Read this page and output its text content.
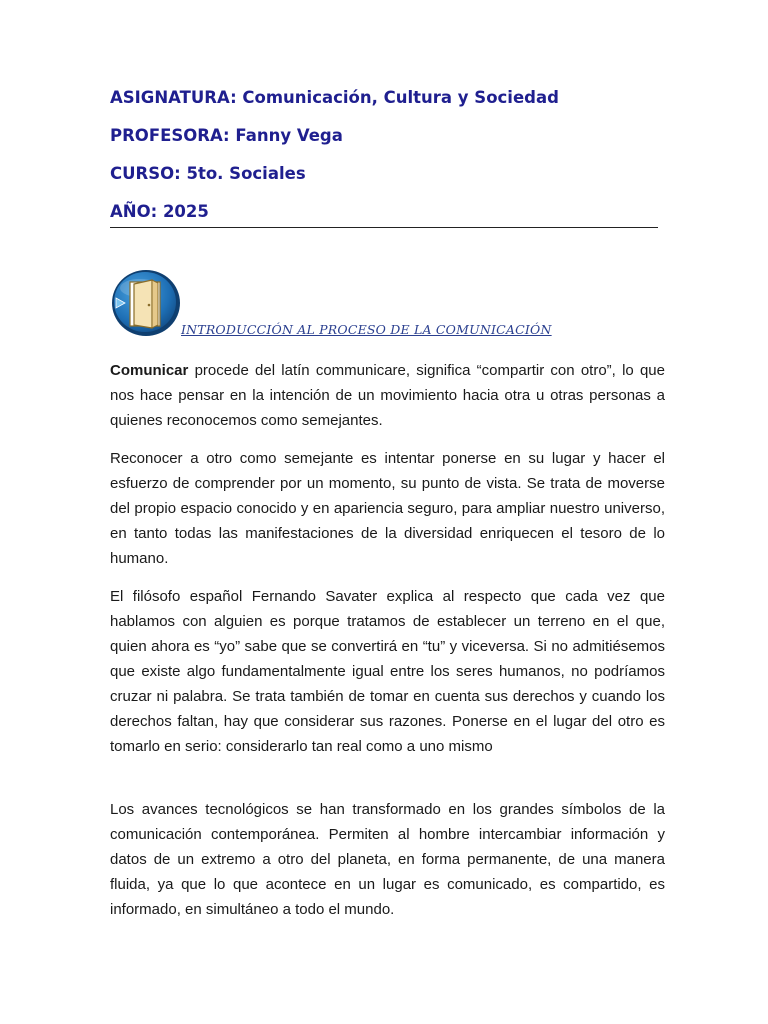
ASIGNATURA: Comunicación, Cultura y Sociedad

PROFESORA: Fanny Vega

CURSO: 5to. Sociales

AÑO: 2025

INTRODUCCIÓN AL PROCESO DE LA COMUNICACIÓN

Comunicar procede del latín communicare, significa “compartir con otro”, lo que nos hace pensar en la intención de un movimiento hacia otra u otras personas a quienes reconocemos como semejantes.

Reconocer a otro como semejante es intentar ponerse en su lugar y hacer el esfuerzo de comprender por un momento, su punto de vista. Se trata de moverse del propio espacio conocido y en apariencia seguro, para ampliar nuestro universo, en tanto todas las manifestaciones de la diversidad enriquecen el tesoro de lo humano.

El filósofo español Fernando Savater explica al respecto que cada vez que hablamos con alguien es porque tratamos de establecer un terreno en el que, quien ahora es “yo” sabe que se convertirá en “tu” y viceversa. Si no admitiésemos que existe algo fundamentalmente igual entre los seres humanos, no podríamos cruzar ni palabra. Se trata también de tomar en cuenta sus derechos y cuando los derechos faltan, hay que considerar sus razones. Ponerse en el lugar del otro es tomarlo en serio: considerarlo tan real como a uno mismo

Los avances tecnológicos se han transformado en los grandes símbolos de la comunicación contemporánea. Permiten al hombre intercambiar información y datos de un extremo a otro del planeta, en forma permanente, de una manera fluida, ya que lo que acontece en un lugar es comunicado, es compartido, es informado, en simultáneo a todo el mundo.
